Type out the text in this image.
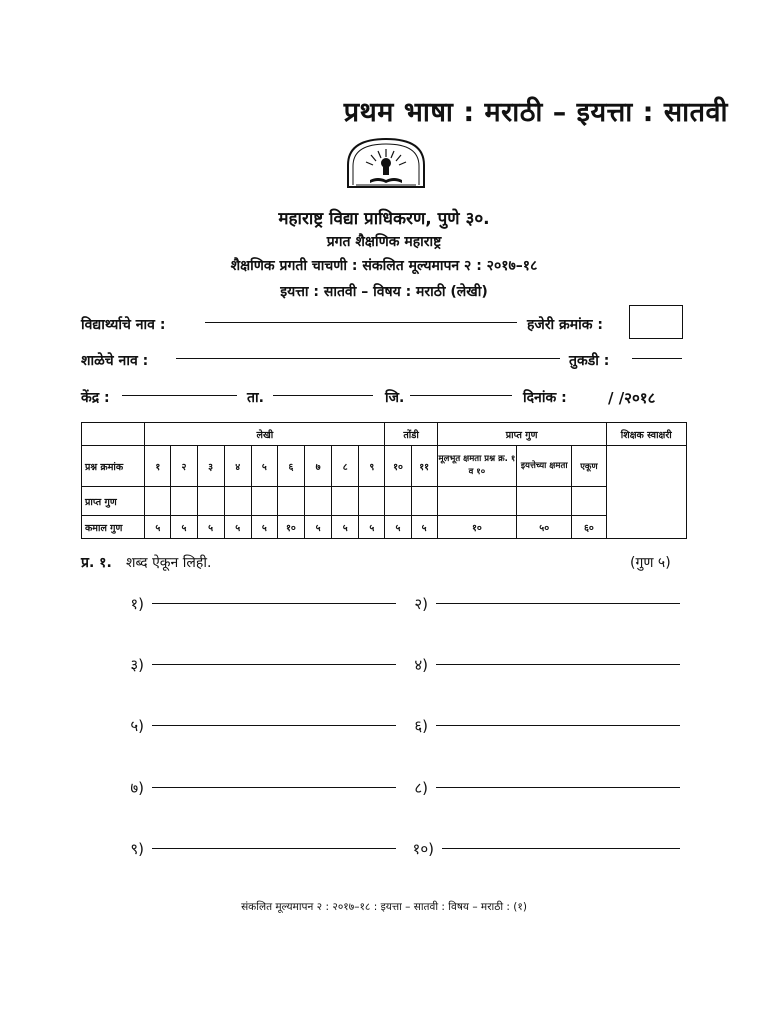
प्रथम भाषा : मराठी – इयत्ता : सातवी
महाराष्ट्र विद्या प्राधिकरण, पुणे ३०.
प्रगत शैक्षणिक महाराष्ट्र
शैक्षणिक प्रगती चाचणी : संकलित मूल्यमापन २ : २०१७–१८
इयत्ता : सातवी – विषय : मराठी (लेखी)
विद्यार्थ्याचे नाव :	हजेरी क्रमांक :
शाळेचे नाव :	तुकडी :
केंद्र :	ता.	जि.	दिनांक :	/ /२०१८
	लेखी									तोंडी		प्राप्त गुण			शिक्षक स्वाक्षरी
प्रश्न क्रमांक	१	२	३	४	५	६	७	८	९	१०	११	मूलभूत क्षमता प्रश्न क्र. १ व १०	इयत्तेच्या क्षमता	एकूण	
प्राप्त गुण															
कमाल गुण	५	५	५	५	५	१०	५	५	५	५	५	१०	५०	६०	
प्र. १. शब्द ऐकून लिही.	(गुण ५)
१)
३)
५)
७)
९)
२)
४)
६)
८)
१०)
संकलित मूल्यमापन २ : २०१७–१८ : इयत्ता – सातवी : विषय – मराठी : (१)
